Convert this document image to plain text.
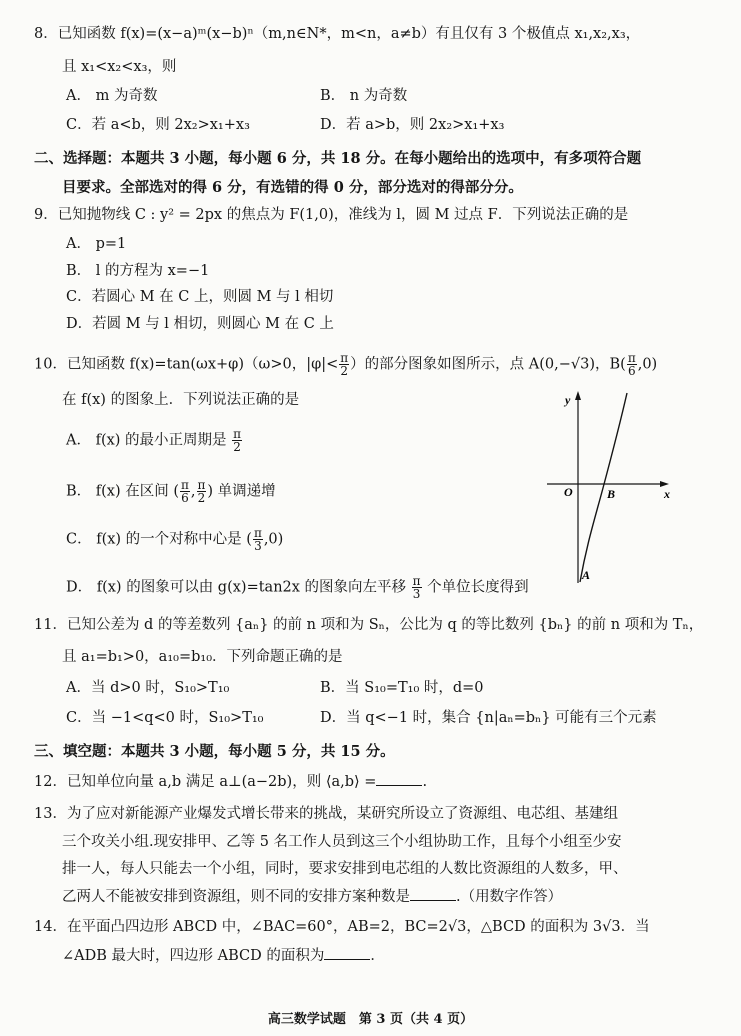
8．已知函数 f(x)=(x−a)ᵐ(x−b)ⁿ（m,n∈N*，m<n，a≠b）有且仅有 3 个极值点 x₁,x₂,x₃，
且 x₁<x₂<x₃，则
A． m 为奇数	B． n 为奇数
C．若 a<b，则 2x₂>x₁+x₃	D．若 a>b，则 2x₂>x₁+x₃
二、选择题：本题共 3 小题，每小题 6 分，共 18 分。在每小题给出的选项中，有多项符合题
目要求。全部选对的得 6 分，有选错的得 0 分，部分选对的得部分分。
9．已知抛物线 C : y² = 2px 的焦点为 F(1,0)，准线为 l，圆 M 过点 F．下列说法正确的是
A． p=1
B． l 的方程为 x=−1
C．若圆心 M 在 C 上，则圆 M 与 l 相切
D．若圆 M 与 l 相切，则圆心 M 在 C 上
10．已知函数 f(x)=tan(ωx+φ)（ω>0，$|\varphi|< \frac{\pi}{2}$ ）的部分图象如图所示，点 A(0,−√3)，$B( \frac{\pi}{6} ,0)$
在 f(x) 的图象上．下列说法正确的是
A． f(x) 的最小正周期是 $\frac{\pi}{2}$
B． f(x) 在区间 ( $\frac{\pi}{6}$ , $\frac{\pi}{2}$ ) 单调递增
C． f(x) 的一个对称中心是 ( $\frac{\pi}{3} ,0$)
D． f(x) 的图象可以由 g(x)=tan2x 的图象向左平移 $\frac{\pi}{3}$ 个单位长度得到
y
x
O	B
A
11．已知公差为 d 的等差数列 {aₙ} 的前 n 项和为 Sₙ，公比为 q 的等比数列 {bₙ} 的前 n 项和为 Tₙ，
且 a₁=b₁>0，a₁₀=b₁₀．下列命题正确的是
A．当 d>0 时，S₁₀>T₁₀	B．当 S₁₀=T₁₀ 时，d=0
C．当 −1<q<0 时，S₁₀>T₁₀	D．当 q<−1 时，集合 {n|aₙ=bₙ} 可能有三个元素
三、填空题：本题共 3 小题，每小题 5 分，共 15 分。
12．已知单位向量 a,b 满足 a⊥(a−2b)，则 ⟨a,b⟩ =	.
13．为了应对新能源产业爆发式增长带来的挑战，某研究所设立了资源组、电芯组、基建组
三个攻关小组.现安排甲、乙等 5 名工作人员到这三个小组协助工作，且每个小组至少安
排一人，每人只能去一个小组，同时，要求安排到电芯组的人数比资源组的人数多，甲、
乙两人不能被安排到资源组，则不同的安排方案种数是	.（用数字作答）
14．在平面凸四边形 ABCD 中，∠BAC=60°，AB=2，BC=2√3，△BCD 的面积为 3√3．当
∠ADB 最大时，四边形 ABCD 的面积为	．
高三数学试题　第 3 页（共 4 页）
